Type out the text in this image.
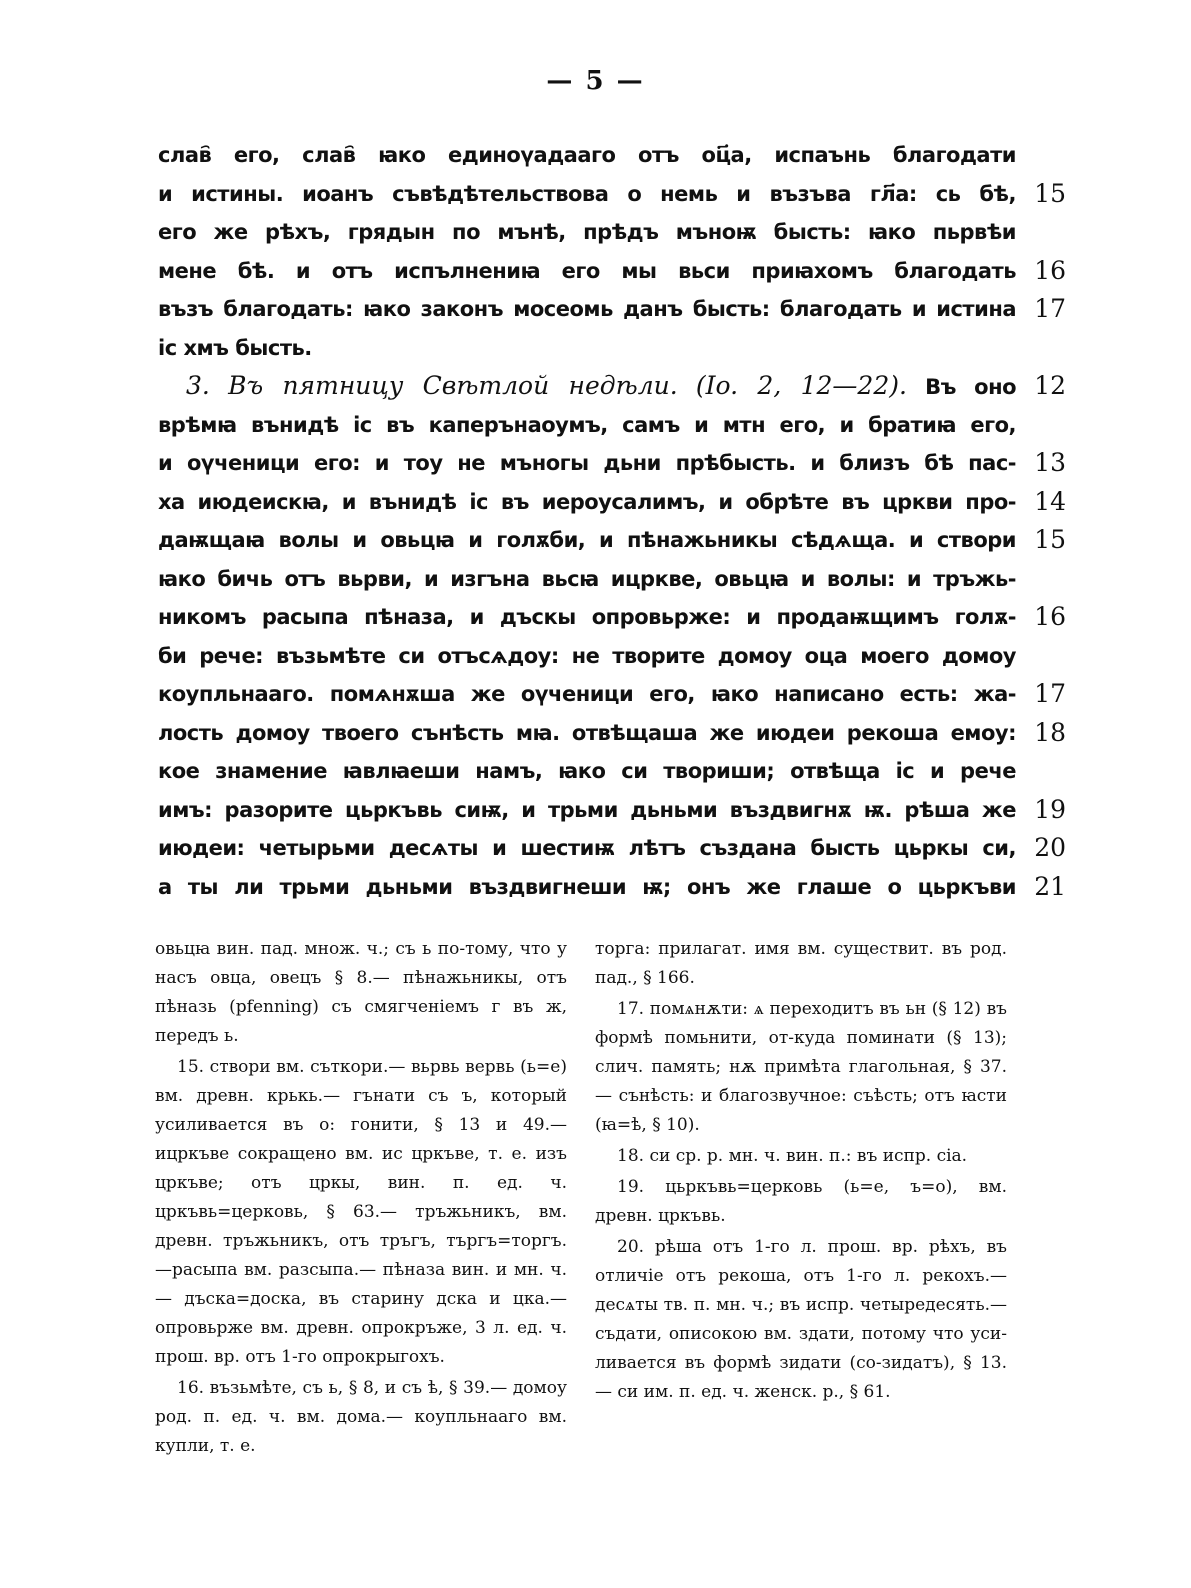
— 5 —
слав҄ его, слав҄ ꙗко единоүадааго отъ оц҃а, испаънь благодати
и истины. иоанъ съвѣдѣтельствова о немь и възъва гл҃а: сь бѣ, 15
его же рѣхъ, грядын по мънѣ, прѣдъ мъноѭ бысть: ꙗко пьрвѣи
мене бѣ. и отъ испълнениꙗ его мы вьси приꙗхомъ благодать 16
възъ благодать: ꙗко законъ мосеомь данъ бысть: благодать и истина 17
іс хмъ бысть.
3. Въ пятницу Свѣтлой недѣли. (Io. 2, 12—22). Въ оно 12
врѣмꙗ вънидѣ іс въ каперънаоумъ, самъ и мтн его, и братиꙗ его,
и оүченици его: и тоу не мъногы дьни прѣбысть. и близъ бѣ пас- 13
ха июдеискꙗ, и вънидѣ іс въ иероусалимъ, и обрѣте въ цркви про- 14
даѭщаꙗ волы и овьцꙗ и голѫби, и пѣнажьникы сѣдѧща. и створи 15
ꙗко бичь отъ вьрви, и изгъна вьсꙗ ицркве, овьцꙗ и волы: и тръжь-
никомъ расыпа пѣназа, и дъскы опровьрже: и продаѭщимъ голѫ- 16
би рече: възьмѣте си отъсѧдоу: не творите домоу оца моего домоу
коупльнааго. помѧнѫша же оүченици его, ꙗко написано есть: жа- 17
лость домоу твоего сънѣсть мꙗ. отвѣщаша же июдеи рекоша емоу: 18
кое знамение ꙗвлꙗеши намъ, ꙗко си твориши; отвѣща іс и рече
имъ: разорите цьркъвь сиѭ, и трьми дьньми въздвигнѫ ѭ. рѣша же 19
июдеи: четырьми десѧты и шестиѭ лѣтъ създана бысть цьркы си, 20
а ты ли трьми дьньми въздвигнеши ѭ; онъ же глаше о цьркъви 21

овьцꙗ вин. пад. множ. ч.; съ ь по-тому, что у насъ овца, овецъ § 8.— пѣнажьникы, отъ пѣназь (pfenning) съ смягченіемъ г въ ж, передъ ь.

15. створи вм. съткори.— вьрвь вервь (ь=е) вм. древн. крькь.— гънати съ ъ, который усиливается въ о: гонити, § 13 и 49.— ицркъве сокращено вм. ис цркъве, т. е. изъ цркъве; отъ цркы, вин. п. ед. ч. цркъвь=церковь, § 63.— тръжьникъ, вм. древн. тръжьникъ, отъ тръгъ, търгъ=торгъ. —расыпа вм. разсыпа.— пѣназа вин. и мн. ч.— дъска=доска, въ старину дска и цка.— опровьрже вм. древн. опрокръже, 3 л. ед. ч. прош. вр. отъ 1-го опрокрыгохъ.

16. възьмѣте, съ ь, § 8, и съ ѣ, § 39.— домоу род. п. ед. ч. вм. дома.— коупльнааго вм. купли, т. е.

торга: прилагат. имя вм. существит. въ род. пад., § 166.

17. помѧнѫти: ѧ переходитъ въ ьн (§ 12) въ формѣ помьнити, от-куда поминати (§ 13); слич. память; нѫ примѣта глагольная, § 37.— сънѣсть: и благозвучное: съѣсть; отъ ꙗсти (ꙗ=ѣ, § 10).

18. си ср. р. мн. ч. вин. п.: въ испр. сіа.

19. цьркъвь=церковь (ь=е, ъ=о), вм. древн. цркъвь.

20. рѣша отъ 1-го л. прош. вр. рѣхъ, въ отличіе отъ рекоша, отъ 1-го л. рекохъ.— десѧты тв. п. мн. ч.; въ испр. четыредесять.— съдати, описокою вм. здати, потому что уси-ливается въ формѣ зидати (со-зидатъ), § 13.— си им. п. ед. ч. женск. р., § 61.
